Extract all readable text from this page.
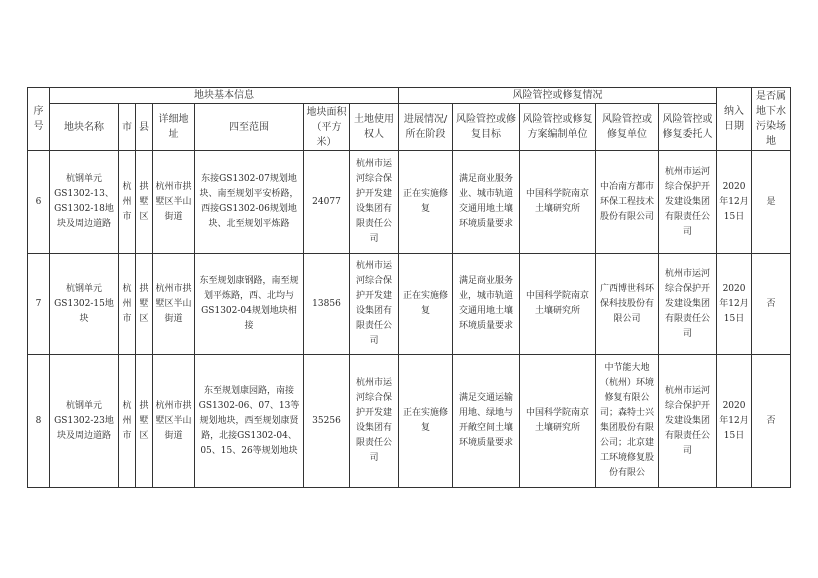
序号	地块基本信息							风险管控或修复情况					纳入日期	是否属地下水污染场地
	地块名称	市	县	详细地址	四至范围	地块面积（平方米）	土地使用权人	进展情况/所在阶段	风险管控或修复目标	风险管控或修复方案编制单位	风险管控或修复单位	风险管控或修复委托人		
6	杭钢单元GS1302-13、GS1302-18地块及周边道路	杭州市	拱墅区	杭州市拱墅区半山街道	东接GS1302-07规划地块、南至规划平安桥路，西接GS1302-06规划地块、北至规划平炼路	24077	杭州市运河综合保护开发建设集团有限责任公司	正在实施修复	满足商业服务业、城市轨道交通用地土壤环境质量要求	中国科学院南京土壤研究所	中冶南方都市环保工程技术股份有限公司	杭州市运河综合保护开发建设集团有限责任公司	2020年12月15日	是
7	杭钢单元GS1302-15地块	杭州市	拱墅区	杭州市拱墅区半山街道	东至规划康钢路，南至规划平炼路，西、北均与GS1302-04规划地块相接	13856	杭州市运河综合保护开发建设集团有限责任公司	正在实施修复	满足商业服务业，城市轨道交通用地土壤环境质量要求	中国科学院南京土壤研究所	广西博世科环保科技股份有限公司	杭州市运河综合保护开发建设集团有限责任公司	2020年12月15日	否
8	杭钢单元GS1302-23地块及周边道路	杭州市	拱墅区	杭州市拱墅区半山街道	东至规划康园路，南接GS1302-06、07、13等规划地块，西至规划康贤路，北接GS1302-04、05、15、26等规划地块	35256	杭州市运河综合保护开发建设集团有限责任公司	正在实施修复	满足交通运输用地、绿地与开敞空间土壤环境质量要求	中国科学院南京土壤研究所	中节能大地（杭州）环境修复有限公司；森特士兴集团股份有限公司；北京建工环境修复股份有限公	杭州市运河综合保护开发建设集团有限责任公司	2020年12月15日	否
